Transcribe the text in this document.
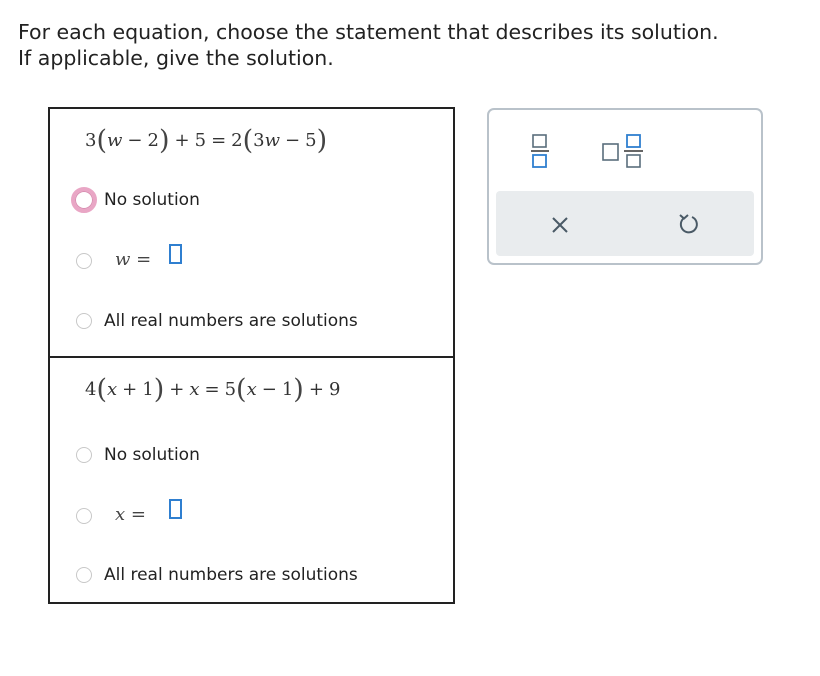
For each equation, choose the statement that describes its solution.
If applicable, give the solution.
3(w − 2) + 5 = 2(3w − 5)
No solution
w =
All real numbers are solutions
4(x + 1) + x = 5(x − 1) + 9
No solution
x =
All real numbers are solutions
